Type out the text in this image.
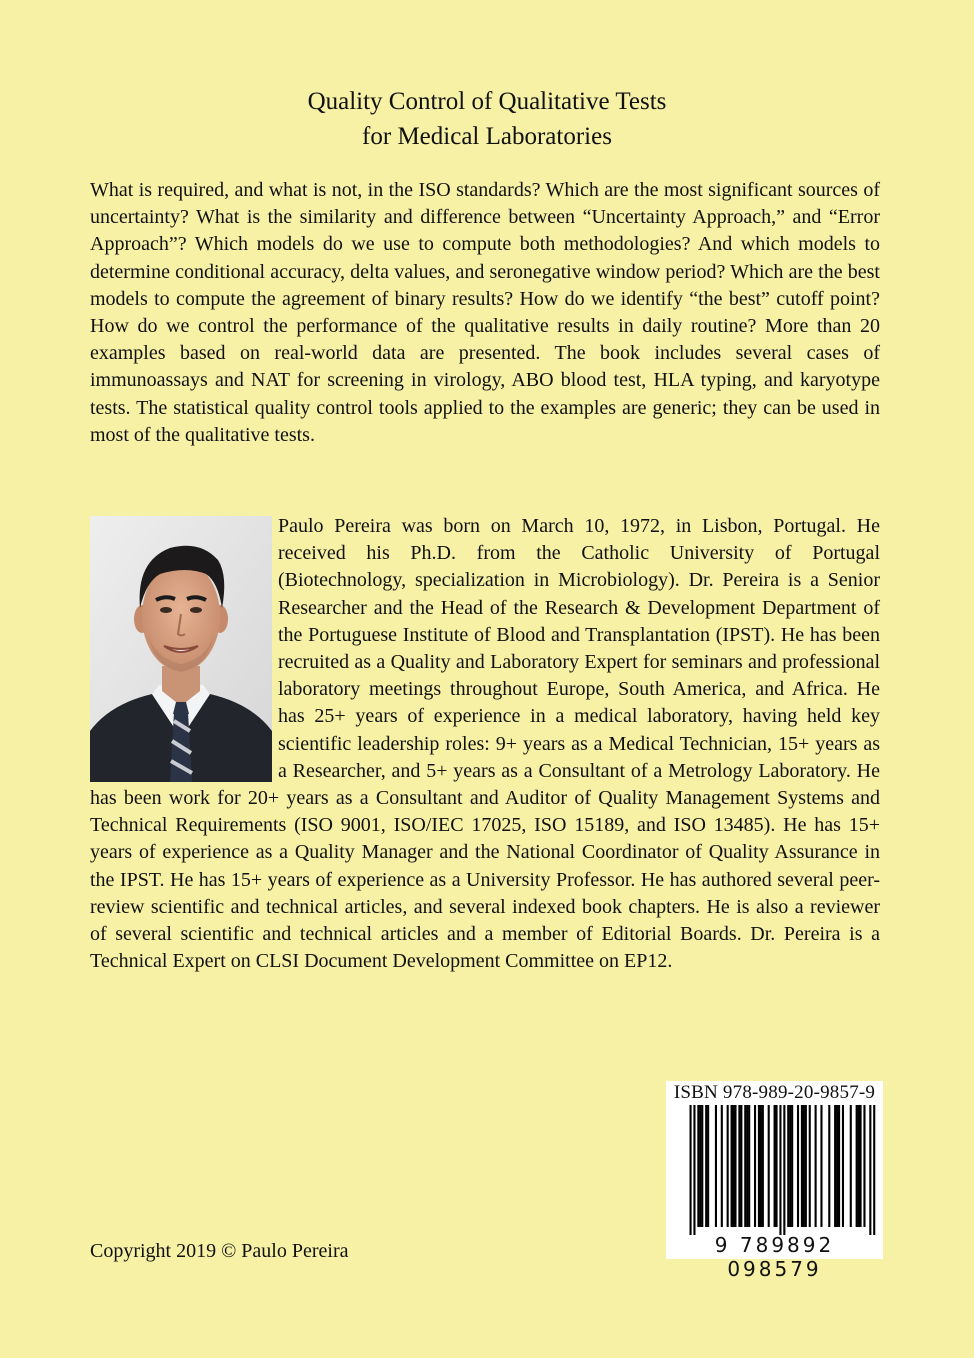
Quality Control of Qualitative Tests
for Medical Laboratories

What is required, and what is not, in the ISO standards? Which are the most significant sources of uncertainty? What is the similarity and difference between “Uncertainty Approach,” and “Error Approach”? Which models do we use to compute both methodologies? And which models to determine conditional accuracy, delta values, and seronegative window period? Which are the best models to compute the agreement of binary results? How do we identify “the best” cutoff point? How do we control the performance of the qualitative results in daily routine? More than 20 examples based on real-world data are presented. The book includes several cases of immunoassays and NAT for screening in virology, ABO blood test, HLA typing, and karyotype tests. The statistical quality control tools applied to the examples are generic; they can be used in most of the qualitative tests.

Paulo Pereira was born on March 10, 1972, in Lisbon, Portugal. He received his Ph.D. from the Catholic University of Portugal (Biotechnology, specialization in Microbiology). Dr. Pereira is a Senior Researcher and the Head of the Research & Development Department of the Portuguese Institute of Blood and Transplantation (IPST). He has been recruited as a Quality and Laboratory Expert for seminars and professional laboratory meetings throughout Europe, South America, and Africa. He has 25+ years of experience in a medical laboratory, having held key scientific leadership roles: 9+ years as a Medical Technician, 15+ years as a Researcher, and 5+ years as a Consultant of a Metrology Laboratory. He has been work for 20+ years as a Consultant and Auditor of Quality Management Systems and Technical Requirements (ISO 9001, ISO/IEC 17025, ISO 15189, and ISO 13485). He has 15+ years of experience as a Quality Manager and the National Coordinator of Quality Assurance in the IPST. He has 15+ years of experience as a University Professor. He has authored several peer-review scientific and technical articles, and several indexed book chapters. He is also a reviewer of several scientific and technical articles and a member of Editorial Boards. Dr. Pereira is a Technical Expert on CLSI Document Development Committee on EP12.
ISBN 978-989-20-9857-9
9 789892 098579
Copyright 2019 © Paulo Pereira
